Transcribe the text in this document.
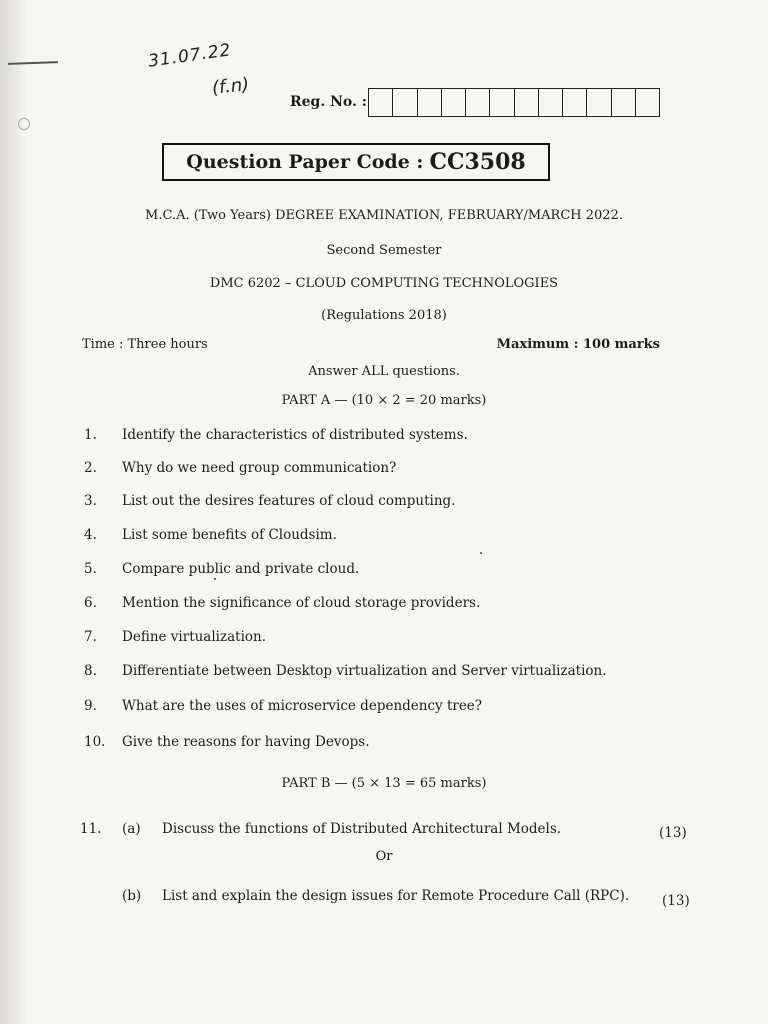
31.07.22
(f.n)
Reg. No. :
Question Paper Code : CC3508
M.C.A. (Two Years) DEGREE EXAMINATION, FEBRUARY/MARCH 2022.
Second Semester
DMC 6202 – CLOUD COMPUTING TECHNOLOGIES
(Regulations 2018)
Time : Three hours	Maximum : 100 marks
Answer ALL questions.
PART A — (10 × 2 = 20 marks)
1. Identify the characteristics of distributed systems.
2. Why do we need group communication?
3. List out the desires features of cloud computing.
4. List some benefits of Cloudsim.
5. Compare public and private cloud.
6. Mention the significance of cloud storage providers.
7. Define virtualization.
8. Differentiate between Desktop virtualization and Server virtualization.
9. What are the uses of microservice dependency tree?
10. Give the reasons for having Devops.
PART B — (5 × 13 = 65 marks)
11. (a) Discuss the functions of Distributed Architectural Models.	(13)
Or
(b) List and explain the design issues for Remote Procedure Call (RPC). (13)
